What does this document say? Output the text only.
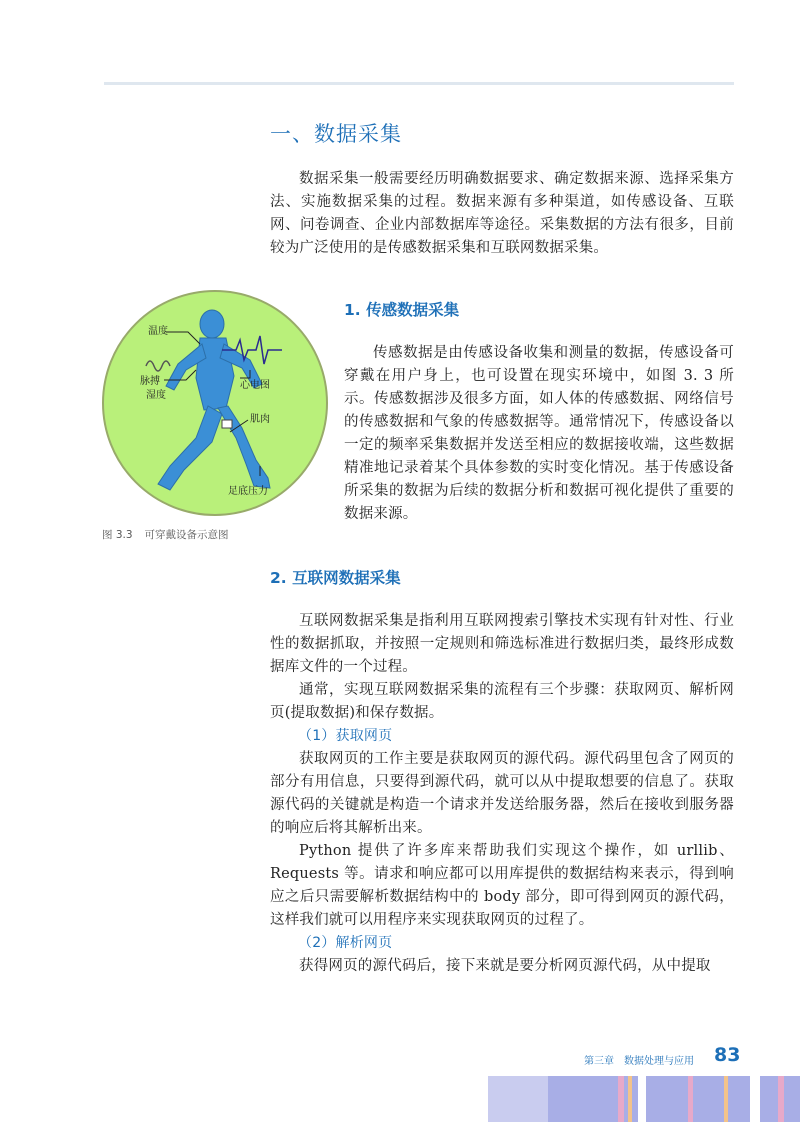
一、数据采集

数据采集一般需要经历明确数据要求、确定数据来源、选择采集方法、实施数据采集的过程。数据来源有多种渠道，如传感设备、互联网、问卷调查、企业内部数据库等途径。采集数据的方法有很多，目前较为广泛使用的是传感数据采集和互联网数据采集。

温度
脉搏
湿度
心电图
肌肉
足底压力
图 3.3 可穿戴设备示意图
1. 传感数据采集

传感数据是由传感设备收集和测量的数据，传感设备可穿戴在用户身上，也可设置在现实环境中，如图 3. 3 所示。传感数据涉及很多方面，如人体的传感数据、网络信号的传感数据和气象的传感数据等。通常情况下，传感设备以一定的频率采集数据并发送至相应的数据接收端，这些数据精准地记录着某个具体参数的实时变化情况。基于传感设备所采集的数据为后续的数据分析和数据可视化提供了重要的数据来源。

2. 互联网数据采集

互联网数据采集是指利用互联网搜索引擎技术实现有针对性、行业性的数据抓取，并按照一定规则和筛选标准进行数据归类，最终形成数据库文件的一个过程。

通常，实现互联网数据采集的流程有三个步骤：获取网页、解析网页(提取数据)和保存数据。

（1）获取网页

获取网页的工作主要是获取网页的源代码。源代码里包含了网页的部分有用信息，只要得到源代码，就可以从中提取想要的信息了。获取源代码的关键就是构造一个请求并发送给服务器，然后在接收到服务器的响应后将其解析出来。

Python 提供了许多库来帮助我们实现这个操作，如 urllib、Requests 等。请求和响应都可以用库提供的数据结构来表示，得到响应之后只需要解析数据结构中的 body 部分，即可得到网页的源代码，这样我们就可以用程序来实现获取网页的过程了。

（2）解析网页

获得网页的源代码后，接下来就是要分析网页源代码，从中提取

第三章 数据处理与应用 83
